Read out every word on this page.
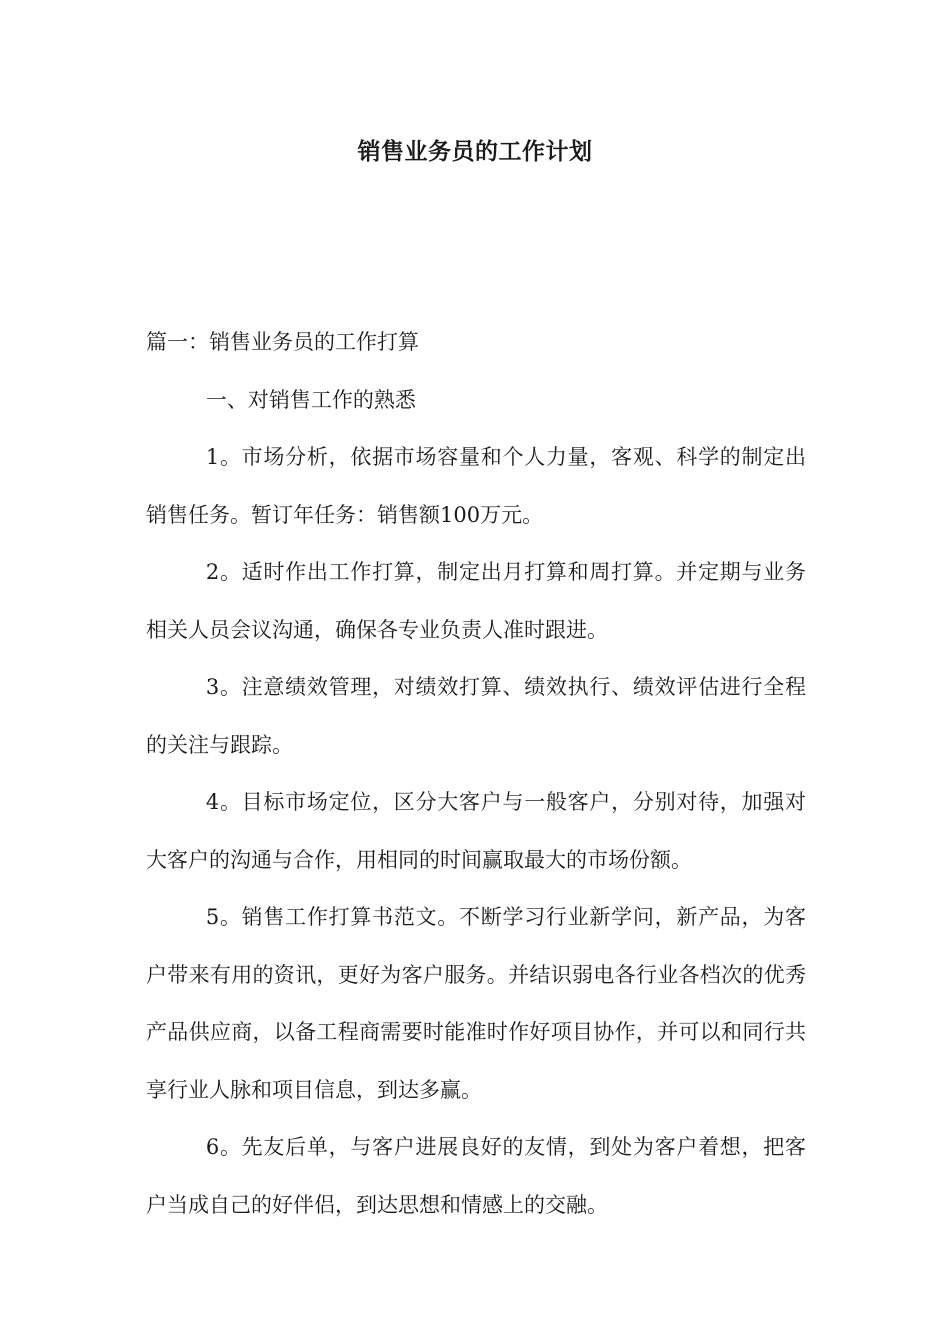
销售业务员的工作计划

篇一：销售业务员的工作打算

一、对销售工作的熟悉

1。市场分析，依据市场容量和个人力量，客观、科学的制定出销售任务。暂订年任务：销售额100万元。

2。适时作出工作打算，制定出月打算和周打算。并定期与业务相关人员会议沟通，确保各专业负责人准时跟进。

3。注意绩效管理，对绩效打算、绩效执行、绩效评估进行全程的关注与跟踪。

4。目标市场定位，区分大客户与一般客户，分别对待，加强对大客户的沟通与合作，用相同的时间赢取最大的市场份额。

5。销售工作打算书范文。不断学习行业新学问，新产品，为客户带来有用的资讯，更好为客户服务。并结识弱电各行业各档次的优秀产品供应商，以备工程商需要时能准时作好项目协作，并可以和同行共享行业人脉和项目信息，到达多赢。

6。先友后单，与客户进展良好的友情，到处为客户着想，把客户当成自己的好伴侣，到达思想和情感上的交融。
